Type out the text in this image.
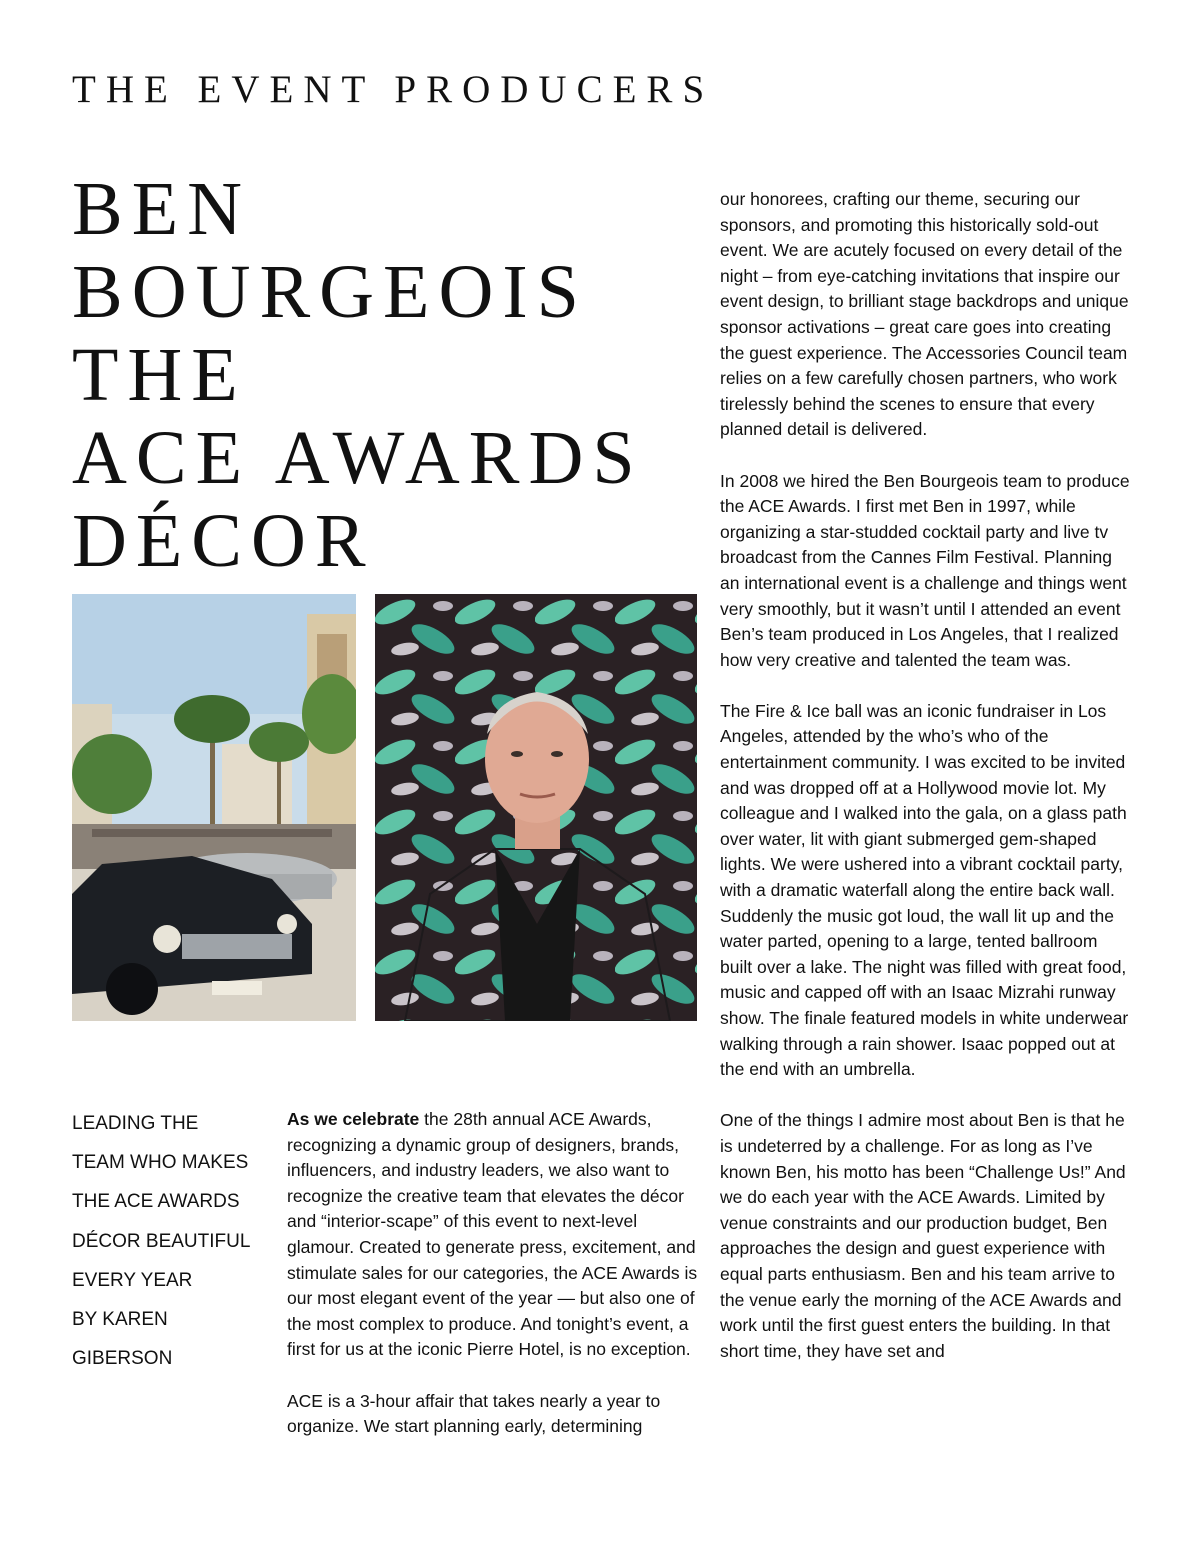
THE EVENT PRODUCERS
BEN
BOURGEOIS
THE
ACE AWARDS
DÉCOR
LEADING THE
TEAM WHO MAKES
THE ACE AWARDS
DÉCOR BEAUTIFUL
EVERY YEAR
BY KAREN
GIBERSON

As we celebrate the 28th annual ACE Awards, recognizing a dynamic group of designers, brands, influencers, and industry leaders, we also want to recognize the creative team that elevates the décor and “interior-scape” of this event to next-level glamour. Created to generate press, excitement, and stimulate sales for our categories, the ACE Awards is our most elegant event of the year — but also one of the most complex to produce. And tonight’s event, a first for us at the iconic Pierre Hotel, is no exception.

ACE is a 3-hour affair that takes nearly a year to organize. We start planning early, determining

our honorees, crafting our theme, securing our sponsors, and promoting this historically sold-out event. We are acutely focused on every detail of the night – from eye-catching invitations that inspire our event design, to brilliant stage backdrops and unique sponsor activations – great care goes into creating the guest experience. The Accessories Council team relies on a few carefully chosen partners, who work tirelessly behind the scenes to ensure that every planned detail is delivered.

In 2008 we hired the Ben Bourgeois team to produce the ACE Awards. I first met Ben in 1997, while organizing a star-studded cocktail party and live tv broadcast from the Cannes Film Festival. Planning an international event is a challenge and things went very smoothly, but it wasn’t until I attended an event Ben’s team produced in Los Angeles, that I realized how very creative and talented the team was.

The Fire & Ice ball was an iconic fundraiser in Los Angeles, attended by the who’s who of the entertainment community. I was excited to be invited and was dropped off at a Hollywood movie lot. My colleague and I walked into the gala, on a glass path over water, lit with giant submerged gem-shaped lights. We were ushered into a vibrant cocktail party, with a dramatic waterfall along the entire back wall. Suddenly the music got loud, the wall lit up and the water parted, opening to a large, tented ballroom built over a lake. The night was filled with great food, music and capped off with an Isaac Mizrahi runway show. The finale featured models in white underwear walking through a rain shower. Isaac popped out at the end with an umbrella.

One of the things I admire most about Ben is that he is undeterred by a challenge. For as long as I’ve known Ben, his motto has been “Challenge Us!” And we do each year with the ACE Awards. Limited by venue constraints and our production budget, Ben approaches the design and guest experience with equal parts enthusiasm. Ben and his team arrive to the venue early the morning of the ACE Awards and work until the first guest enters the building. In that short time, they have set and
